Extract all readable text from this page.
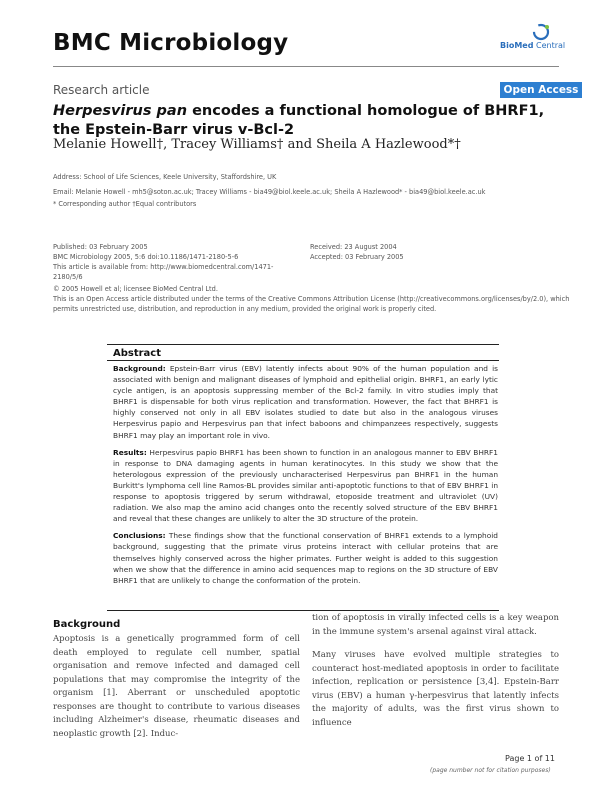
BMC Microbiology	BioMed Central
Research article	Open Access
Herpesvirus pan encodes a functional homologue of BHRF1, the Epstein-Barr virus v-Bcl-2
Melanie Howell†, Tracey Williams† and Sheila A Hazlewood*†
Address: School of Life Sciences, Keele University, Staffordshire, UK
Email: Melanie Howell - mh5@soton.ac.uk; Tracey Williams - bia49@biol.keele.ac.uk; Sheila A Hazlewood* - bia49@biol.keele.ac.uk
* Corresponding author †Equal contributors
Published: 03 February 2005
BMC Microbiology 2005, 5:6 doi:10.1186/1471-2180-5-6
This article is available from: http://www.biomedcentral.com/1471-2180/5/6
Received: 23 August 2004
Accepted: 03 February 2005
© 2005 Howell et al; licensee BioMed Central Ltd.
This is an Open Access article distributed under the terms of the Creative Commons Attribution License (http://creativecommons.org/licenses/by/2.0), which permits unrestricted use, distribution, and reproduction in any medium, provided the original work is properly cited.
Abstract

Background: Epstein-Barr virus (EBV) latently infects about 90% of the human population and is associated with benign and malignant diseases of lymphoid and epithelial origin. BHRF1, an early lytic cycle antigen, is an apoptosis suppressing member of the Bcl-2 family. In vitro studies imply that BHRF1 is dispensable for both virus replication and transformation. However, the fact that BHRF1 is highly conserved not only in all EBV isolates studied to date but also in the analogous viruses Herpesvirus papio and Herpesvirus pan that infect baboons and chimpanzees respectively, suggests BHRF1 may play an important role in vivo.

Results: Herpesvirus papio BHRF1 has been shown to function in an analogous manner to EBV BHRF1 in response to DNA damaging agents in human keratinocytes. In this study we show that the heterologous expression of the previously uncharacterised Herpesvirus pan BHRF1 in the human Burkitt's lymphoma cell line Ramos-BL provides similar anti-apoptotic functions to that of EBV BHRF1 in response to apoptosis triggered by serum withdrawal, etoposide treatment and ultraviolet (UV) radiation. We also map the amino acid changes onto the recently solved structure of the EBV BHRF1 and reveal that these changes are unlikely to alter the 3D structure of the protein.

Conclusions: These findings show that the functional conservation of BHRF1 extends to a lymphoid background, suggesting that the primate virus proteins interact with cellular proteins that are themselves highly conserved across the higher primates. Further weight is added to this suggestion when we show that the difference in amino acid sequences map to regions on the 3D structure of EBV BHRF1 that are unlikely to change the conformation of the protein.

Background
Apoptosis is a genetically programmed form of cell death employed to regulate cell number, spatial organisation and remove infected and damaged cell populations that may compromise the integrity of the organism [1]. Aberrant or unscheduled apoptotic responses are thought to contribute to various diseases including Alzheimer's disease, rheumatic diseases and neoplastic growth [2]. Induc-

tion of apoptosis in virally infected cells is a key weapon in the immune system's arsenal against viral attack.

Many viruses have evolved multiple strategies to counteract host-mediated apoptosis in order to facilitate infection, replication or persistence [3,4]. Epstein-Barr virus (EBV) a human γ-herpesvirus that latently infects the majority of adults, was the first virus shown to influence

Page 1 of 11
(page number not for citation purposes)
